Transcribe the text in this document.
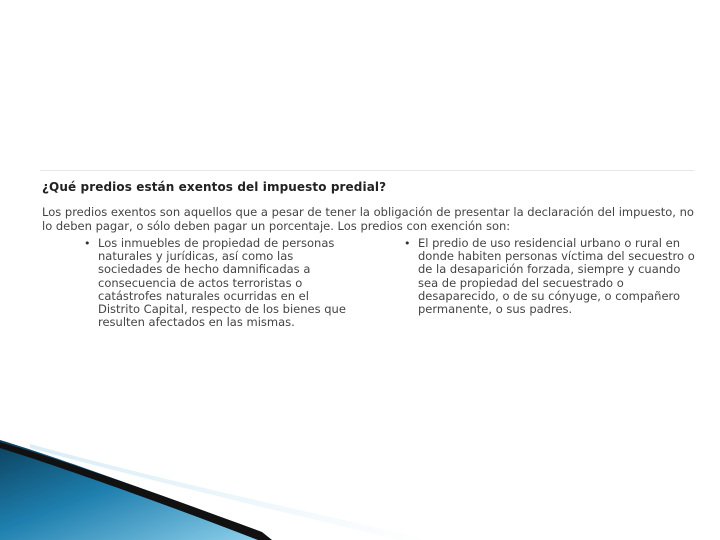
¿Qué predios están exentos del impuesto predial?
Los predios exentos son aquellos que a pesar de tener la obligación de presentar la declaración del impuesto, no lo deben pagar, o sólo deben pagar un porcentaje. Los predios con exención son:
• Los inmuebles de propiedad de personas naturales y jurídicas, así como las sociedades de hecho damnificadas a consecuencia de actos terroristas o catástrofes naturales ocurridas en el Distrito Capital, respecto de los bienes que resulten afectados en las mismas.
• El predio de uso residencial urbano o rural en donde habiten personas víctima del secuestro o de la desaparición forzada, siempre y cuando sea de propiedad del secuestrado o desaparecido, o de su cónyuge, o compañero permanente, o sus padres.
